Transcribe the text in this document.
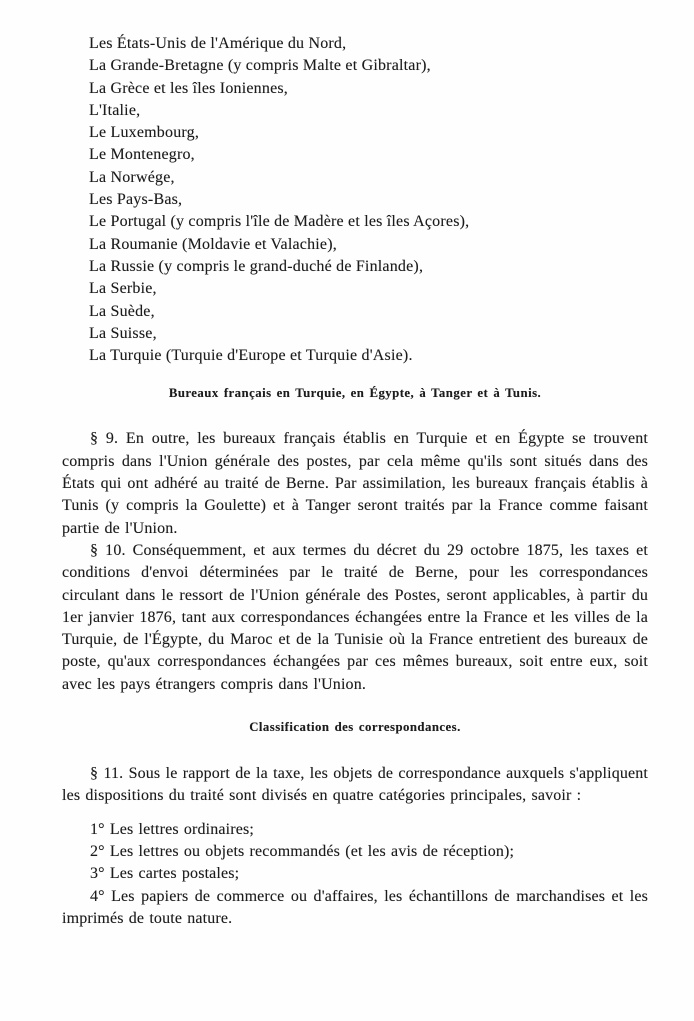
Les États-Unis de l'Amérique du Nord,
La Grande-Bretagne (y compris Malte et Gibraltar),
La Grèce et les îles Ioniennes,
L'Italie,
Le Luxembourg,
Le Montenegro,
La Norwége,
Les Pays-Bas,
Le Portugal (y compris l'île de Madère et les îles Açores),
La Roumanie (Moldavie et Valachie),
La Russie (y compris le grand-duché de Finlande),
La Serbie,
La Suède,
La Suisse,
La Turquie (Turquie d'Europe et Turquie d'Asie).
Bureaux français en Turquie, en Égypte, à Tanger et à Tunis.

§ 9. En outre, les bureaux français établis en Turquie et en Égypte se trouvent compris dans l'Union générale des postes, par cela même qu'ils sont situés dans des États qui ont adhéré au traité de Berne. Par assimilation, les bureaux français établis à Tunis (y compris la Goulette) et à Tanger seront traités par la France comme faisant partie de l'Union.

§ 10. Conséquemment, et aux termes du décret du 29 octobre 1875, les taxes et conditions d'envoi déterminées par le traité de Berne, pour les correspondances circulant dans le ressort de l'Union générale des Postes, seront applicables, à partir du 1er janvier 1876, tant aux correspondances échangées entre la France et les villes de la Turquie, de l'Égypte, du Maroc et de la Tunisie où la France entretient des bureaux de poste, qu'aux correspondances échangées par ces mêmes bureaux, soit entre eux, soit avec les pays étrangers compris dans l'Union.

Classification des correspondances.

§ 11. Sous le rapport de la taxe, les objets de correspondance auxquels s'appliquent les dispositions du traité sont divisés en quatre catégories principales, savoir :

1° Les lettres ordinaires;

2° Les lettres ou objets recommandés (et les avis de réception);

3° Les cartes postales;

4° Les papiers de commerce ou d'affaires, les échantillons de marchandises et les imprimés de toute nature.
